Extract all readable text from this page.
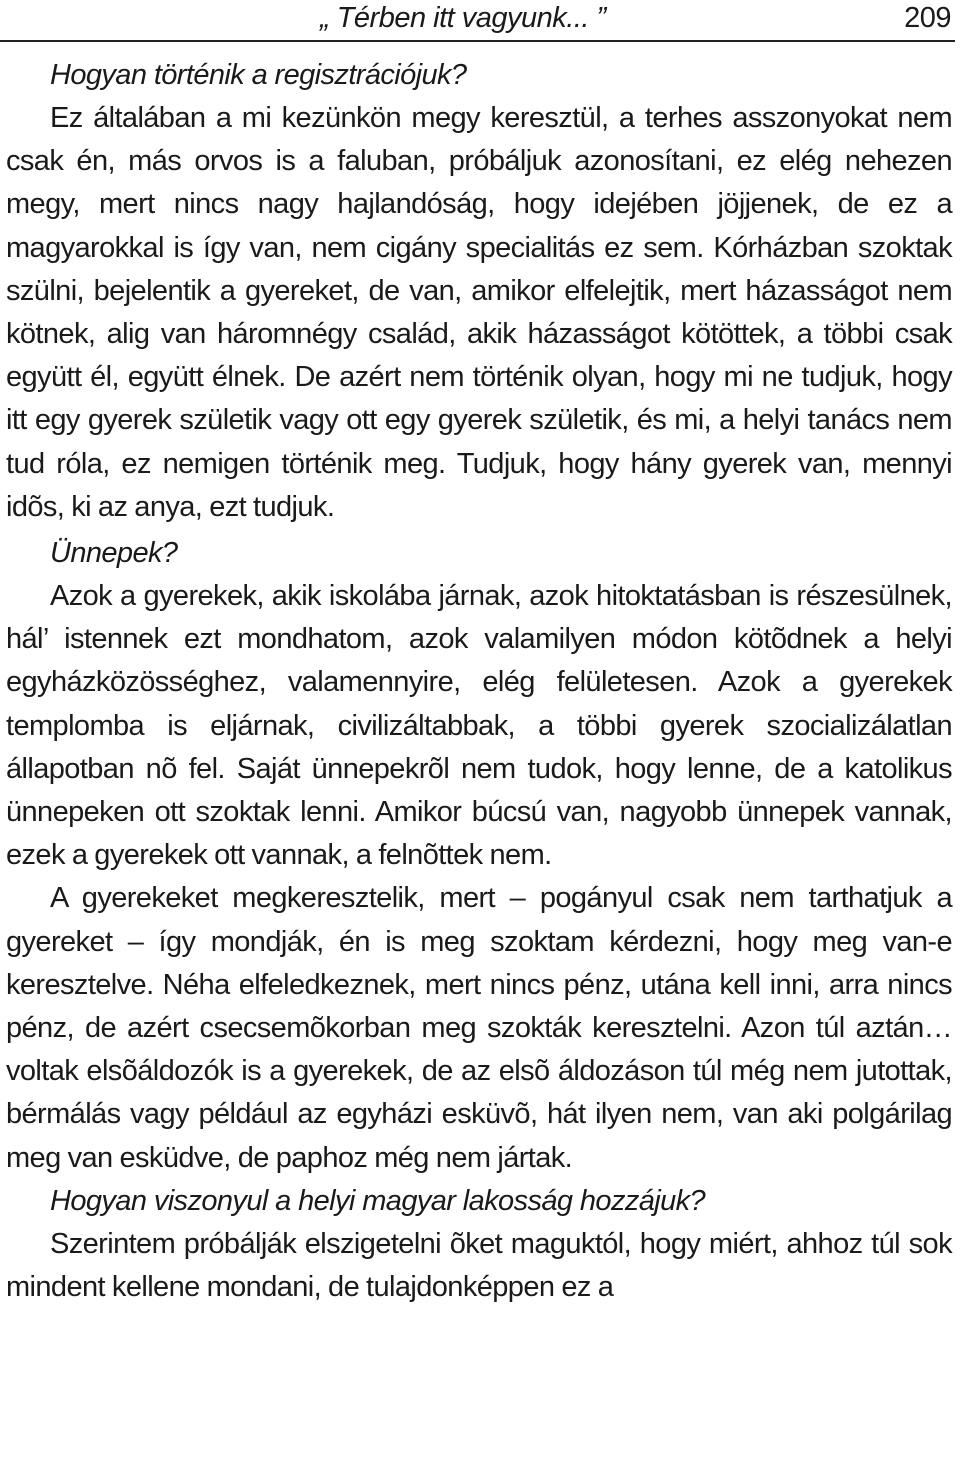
„ Térben itt vagyunk... ”	209

Hogyan történik a regisztrációjuk?

Ez általában a mi kezünkön megy keresztül, a terhes asszonyokat nem csak én, más orvos is a faluban, próbáljuk azonosítani, ez elég nehezen megy, mert nincs nagy hajlandóság, hogy idejében jöjjenek, de ez a magyarokkal is így van, nem cigány specialitás ez sem. Kórházban szoktak szülni, bejelentik a gyereket, de van, amikor elfelejtik, mert házasságot nem kötnek, alig van háromnégy család, akik házasságot kötöttek, a többi csak együtt él, együtt élnek. De azért nem történik olyan, hogy mi ne tudjuk, hogy itt egy gyerek születik vagy ott egy gyerek születik, és mi, a helyi tanács nem tud róla, ez nemigen történik meg. Tudjuk, hogy hány gyerek van, mennyi idõs, ki az anya, ezt tudjuk.

Ünnepek?

Azok a gyerekek, akik iskolába járnak, azok hitoktatásban is részesülnek, hál’ istennek ezt mondhatom, azok valamilyen módon kötõdnek a helyi egyházközösséghez, valamennyire, elég felületesen. Azok a gyerekek templomba is eljárnak, civilizáltabbak, a többi gyerek szocializálatlan állapotban nõ fel. Saját ünnepekrõl nem tudok, hogy lenne, de a katolikus ünnepeken ott szoktak lenni. Amikor búcsú van, nagyobb ünnepek vannak, ezek a gyerekek ott vannak, a felnõttek nem.

A gyerekeket megkeresztelik, mert – pogányul csak nem tarthatjuk a gyereket – így mondják, én is meg szoktam kérdezni, hogy meg van-e keresztelve. Néha elfeledkeznek, mert nincs pénz, utána kell inni, arra nincs pénz, de azért csecsemõkorban meg szokták keresztelni. Azon túl aztán… voltak elsõáldozók is a gyerekek, de az elsõ áldozáson túl még nem jutottak, bérmálás vagy például az egyházi esküvõ, hát ilyen nem, van aki polgárilag meg van esküdve, de paphoz még nem jártak.

Hogyan viszonyul a helyi magyar lakosság hozzájuk?

Szerintem próbálják elszigetelni õket maguktól, hogy miért, ahhoz túl sok mindent kellene mondani, de tulajdonképpen ez a
